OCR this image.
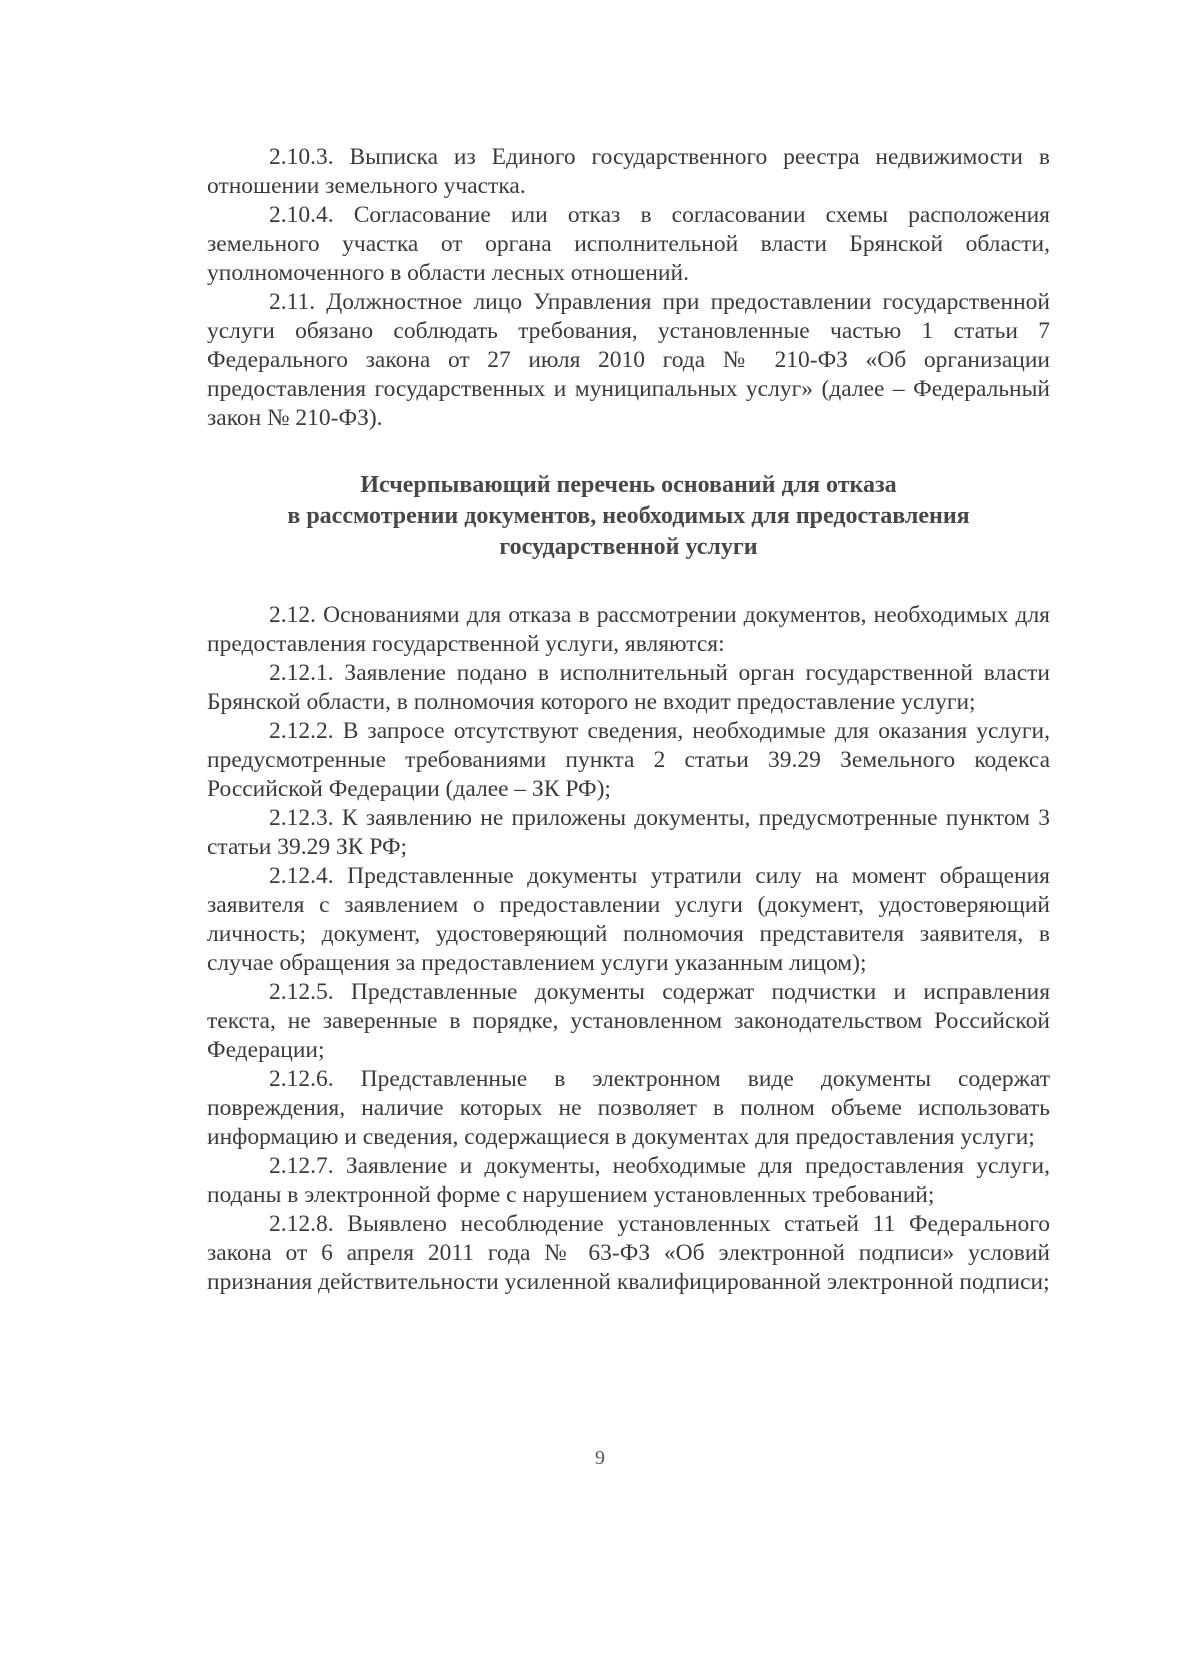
2.10.3. Выписка из Единого государственного реестра недвижимости в отношении земельного участка.

2.10.4. Согласование или отказ в согласовании схемы расположения земельного участка от органа исполнительной власти Брянской области, уполномоченного в области лесных отношений.

2.11. Должностное лицо Управления при предоставлении государственной услуги обязано соблюдать требования, установленные частью 1 статьи 7 Федерального закона от 27 июля 2010 года № 210-ФЗ «Об организации предоставления государственных и муниципальных услуг» (далее – Федеральный закон № 210-ФЗ).

Исчерпывающий перечень оснований для отказа
в рассмотрении документов, необходимых для предоставления
государственной услуги

2.12. Основаниями для отказа в рассмотрении документов, необходимых для предоставления государственной услуги, являются:

2.12.1. Заявление подано в исполнительный орган государственной власти Брянской области, в полномочия которого не входит предоставление услуги;

2.12.2. В запросе отсутствуют сведения, необходимые для оказания услуги, предусмотренные требованиями пункта 2 статьи 39.29 Земельного кодекса Российской Федерации (далее – ЗК РФ);

2.12.3. К заявлению не приложены документы, предусмотренные пунктом 3 статьи 39.29 ЗК РФ;

2.12.4. Представленные документы утратили силу на момент обращения заявителя с заявлением о предоставлении услуги (документ, удостоверяющий личность; документ, удостоверяющий полномочия представителя заявителя, в случае обращения за предоставлением услуги указанным лицом);

2.12.5. Представленные документы содержат подчистки и исправления текста, не заверенные в порядке, установленном законодательством Российской Федерации;

2.12.6. Представленные в электронном виде документы содержат повреждения, наличие которых не позволяет в полном объеме использовать информацию и сведения, содержащиеся в документах для предоставления услуги;

2.12.7. Заявление и документы, необходимые для предоставления услуги, поданы в электронной форме с нарушением установленных требований;

2.12.8. Выявлено несоблюдение установленных статьей 11 Федерального закона от 6 апреля 2011 года № 63-ФЗ «Об электронной подписи» условий признания действительности усиленной квалифицированной электронной подписи;

9
